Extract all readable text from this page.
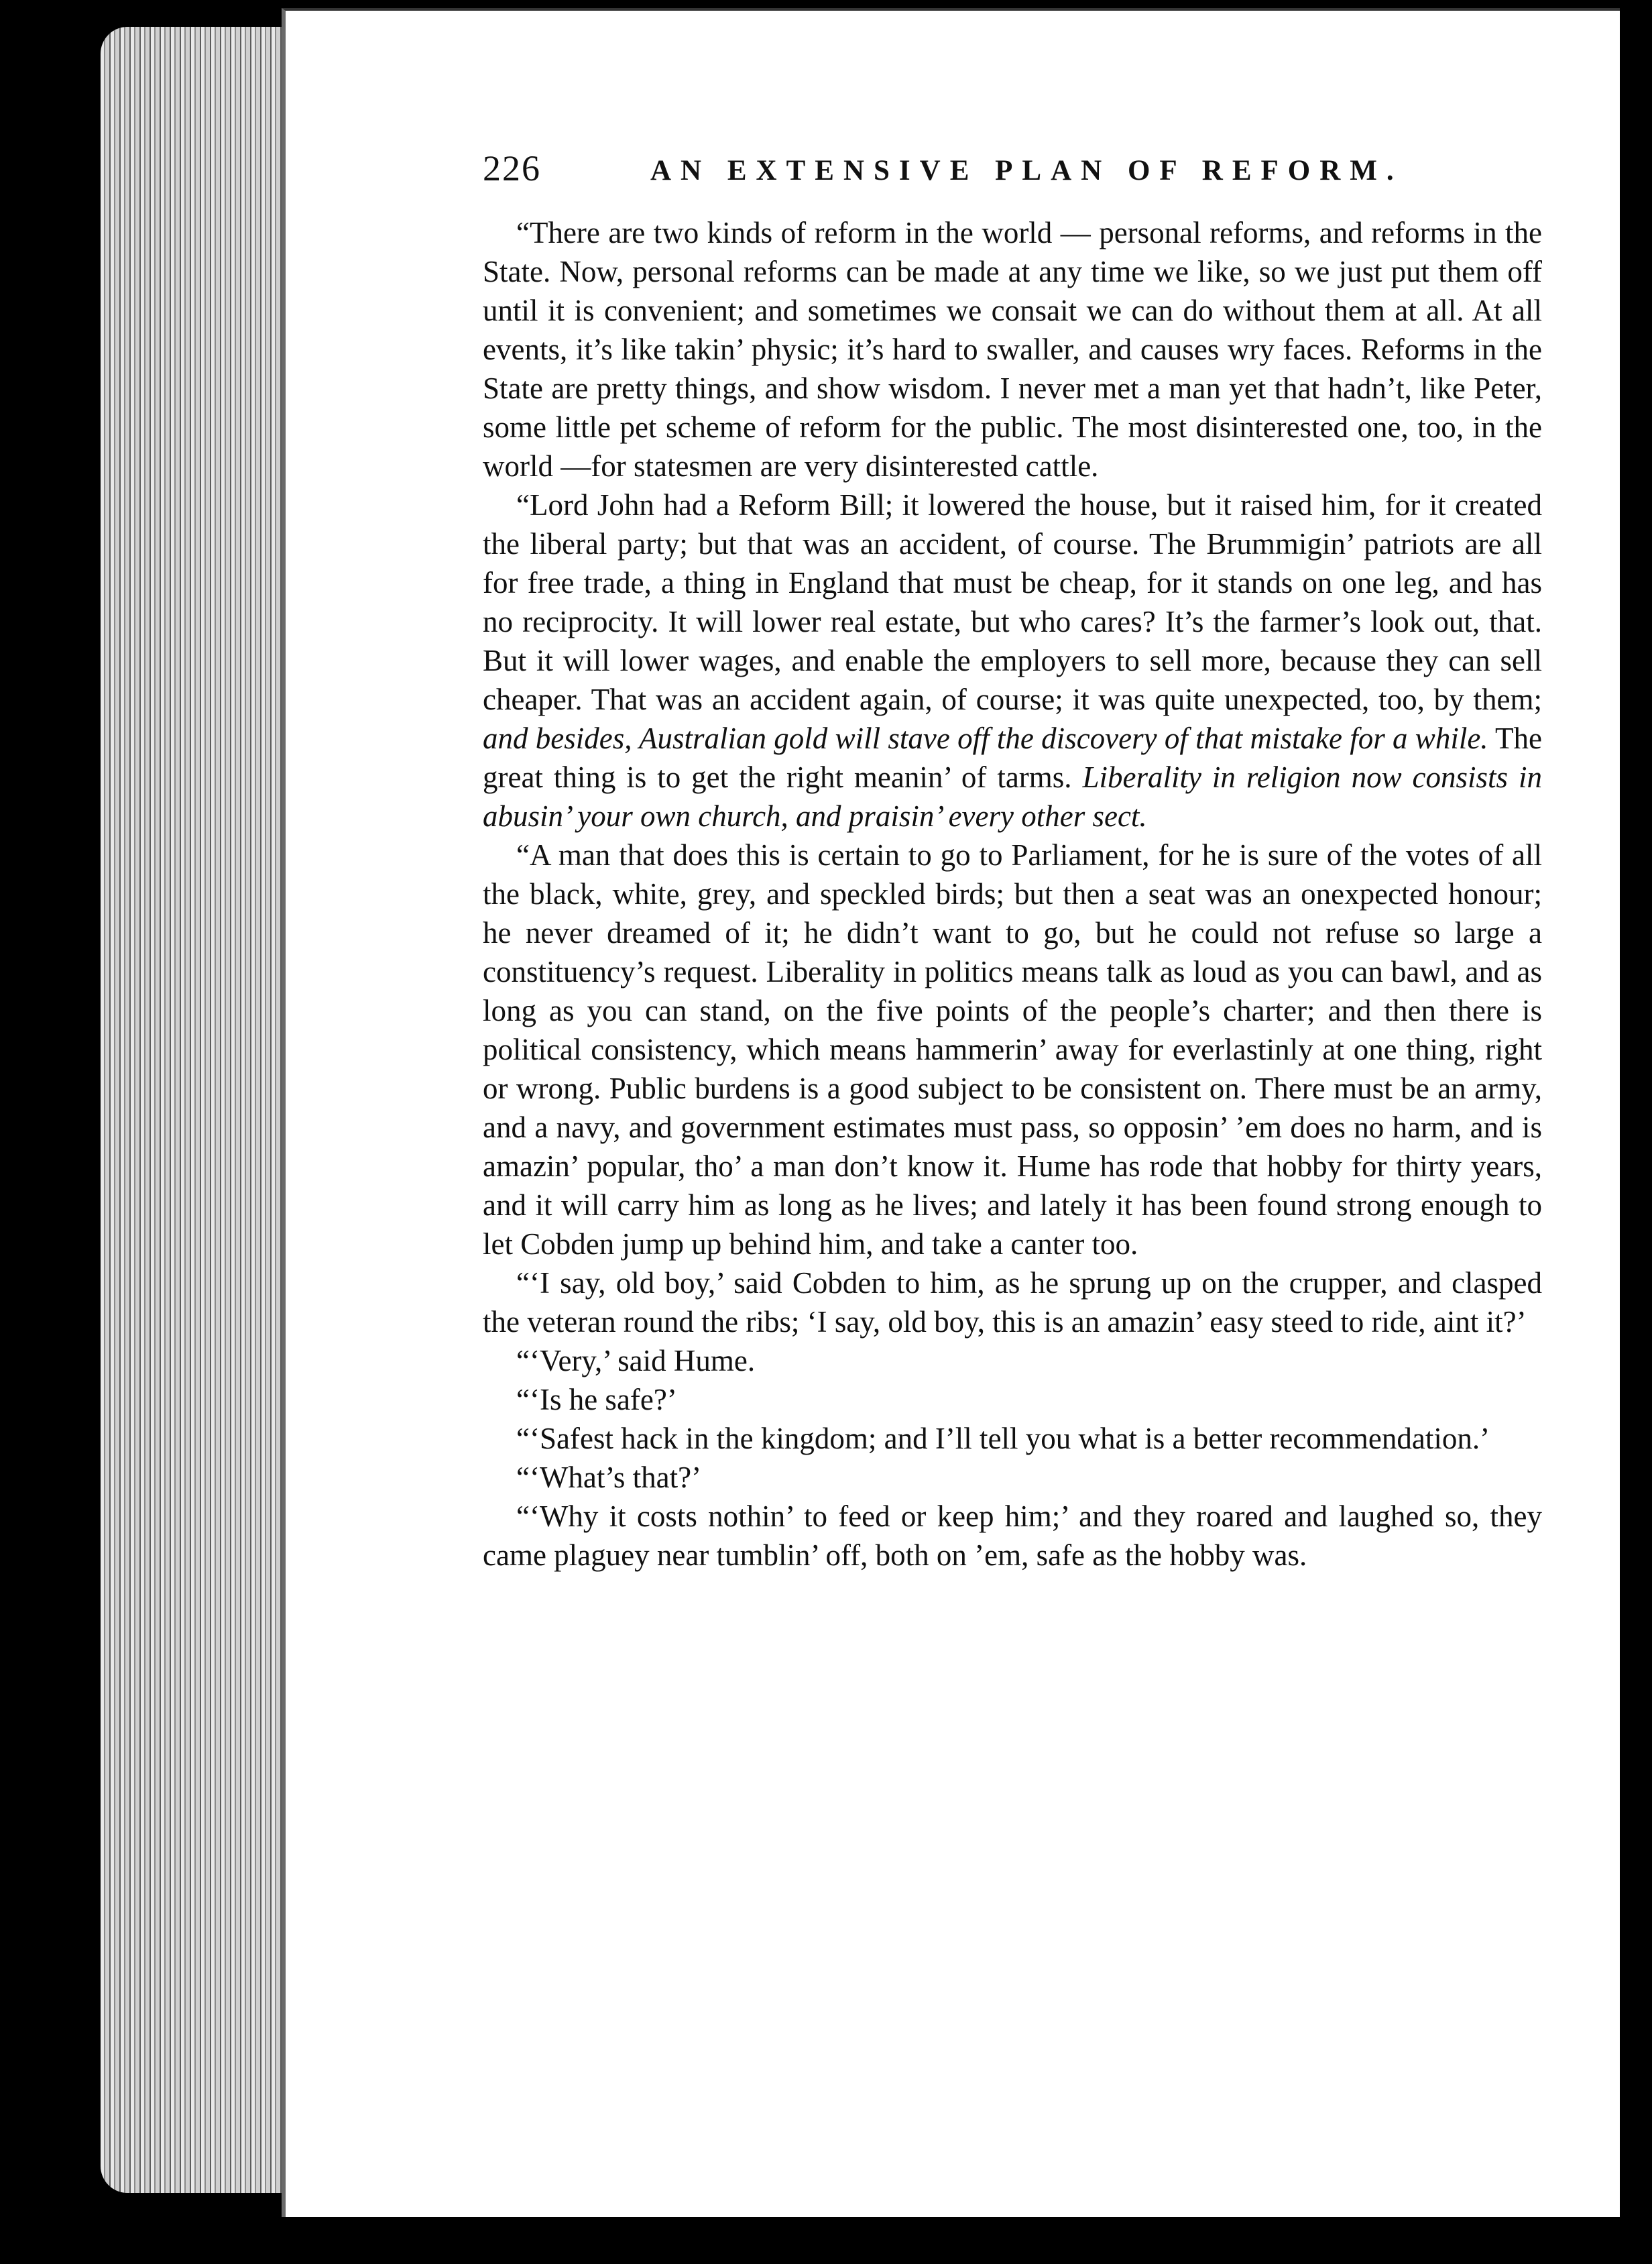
226	AN EXTENSIVE PLAN OF REFORM.

“There are two kinds of reform in the world — personal reforms, and reforms in the State. Now, personal reforms can be made at any time we like, so we just put them off until it is convenient; and sometimes we consait we can do without them at all. At all events, it’s like takin’ physic; it’s hard to swaller, and causes wry faces. Reforms in the State are pretty things, and show wisdom. I never met a man yet that hadn’t, like Peter, some little pet scheme of reform for the public. The most disinterested one, too, in the world —for statesmen are very disinterested cattle.

“Lord John had a Reform Bill; it lowered the house, but it raised him, for it created the liberal party; but that was an accident, of course. The Brummigin’ patriots are all for free trade, a thing in England that must be cheap, for it stands on one leg, and has no reciprocity. It will lower real estate, but who cares? It’s the farmer’s look out, that. But it will lower wages, and enable the employers to sell more, because they can sell cheaper. That was an accident again, of course; it was quite unexpected, too, by them; and besides, Australian gold will stave off the discovery of that mistake for a while. The great thing is to get the right meanin’ of tarms. Liberality in religion now consists in abusin’ your own church, and praisin’ every other sect.

“A man that does this is certain to go to Parliament, for he is sure of the votes of all the black, white, grey, and speckled birds; but then a seat was an onexpected honour; he never dreamed of it; he didn’t want to go, but he could not refuse so large a constituency’s request. Liberality in politics means talk as loud as you can bawl, and as long as you can stand, on the five points of the people’s charter; and then there is political consistency, which means hammerin’ away for everlastinly at one thing, right or wrong. Public burdens is a good subject to be consistent on. There must be an army, and a navy, and government estimates must pass, so opposin’ ’em does no harm, and is amazin’ popular, tho’ a man don’t know it. Hume has rode that hobby for thirty years, and it will carry him as long as he lives; and lately it has been found strong enough to let Cobden jump up behind him, and take a canter too.

“‘I say, old boy,’ said Cobden to him, as he sprung up on the crupper, and clasped the veteran round the ribs; ‘I say, old boy, this is an amazin’ easy steed to ride, aint it?’

“‘Very,’ said Hume.

“‘Is he safe?’

“‘Safest hack in the kingdom; and I’ll tell you what is a better recommendation.’

“‘What’s that?’

“‘Why it costs nothin’ to feed or keep him;’ and they roared and laughed so, they came plaguey near tumblin’ off, both on ’em, safe as the hobby was.
